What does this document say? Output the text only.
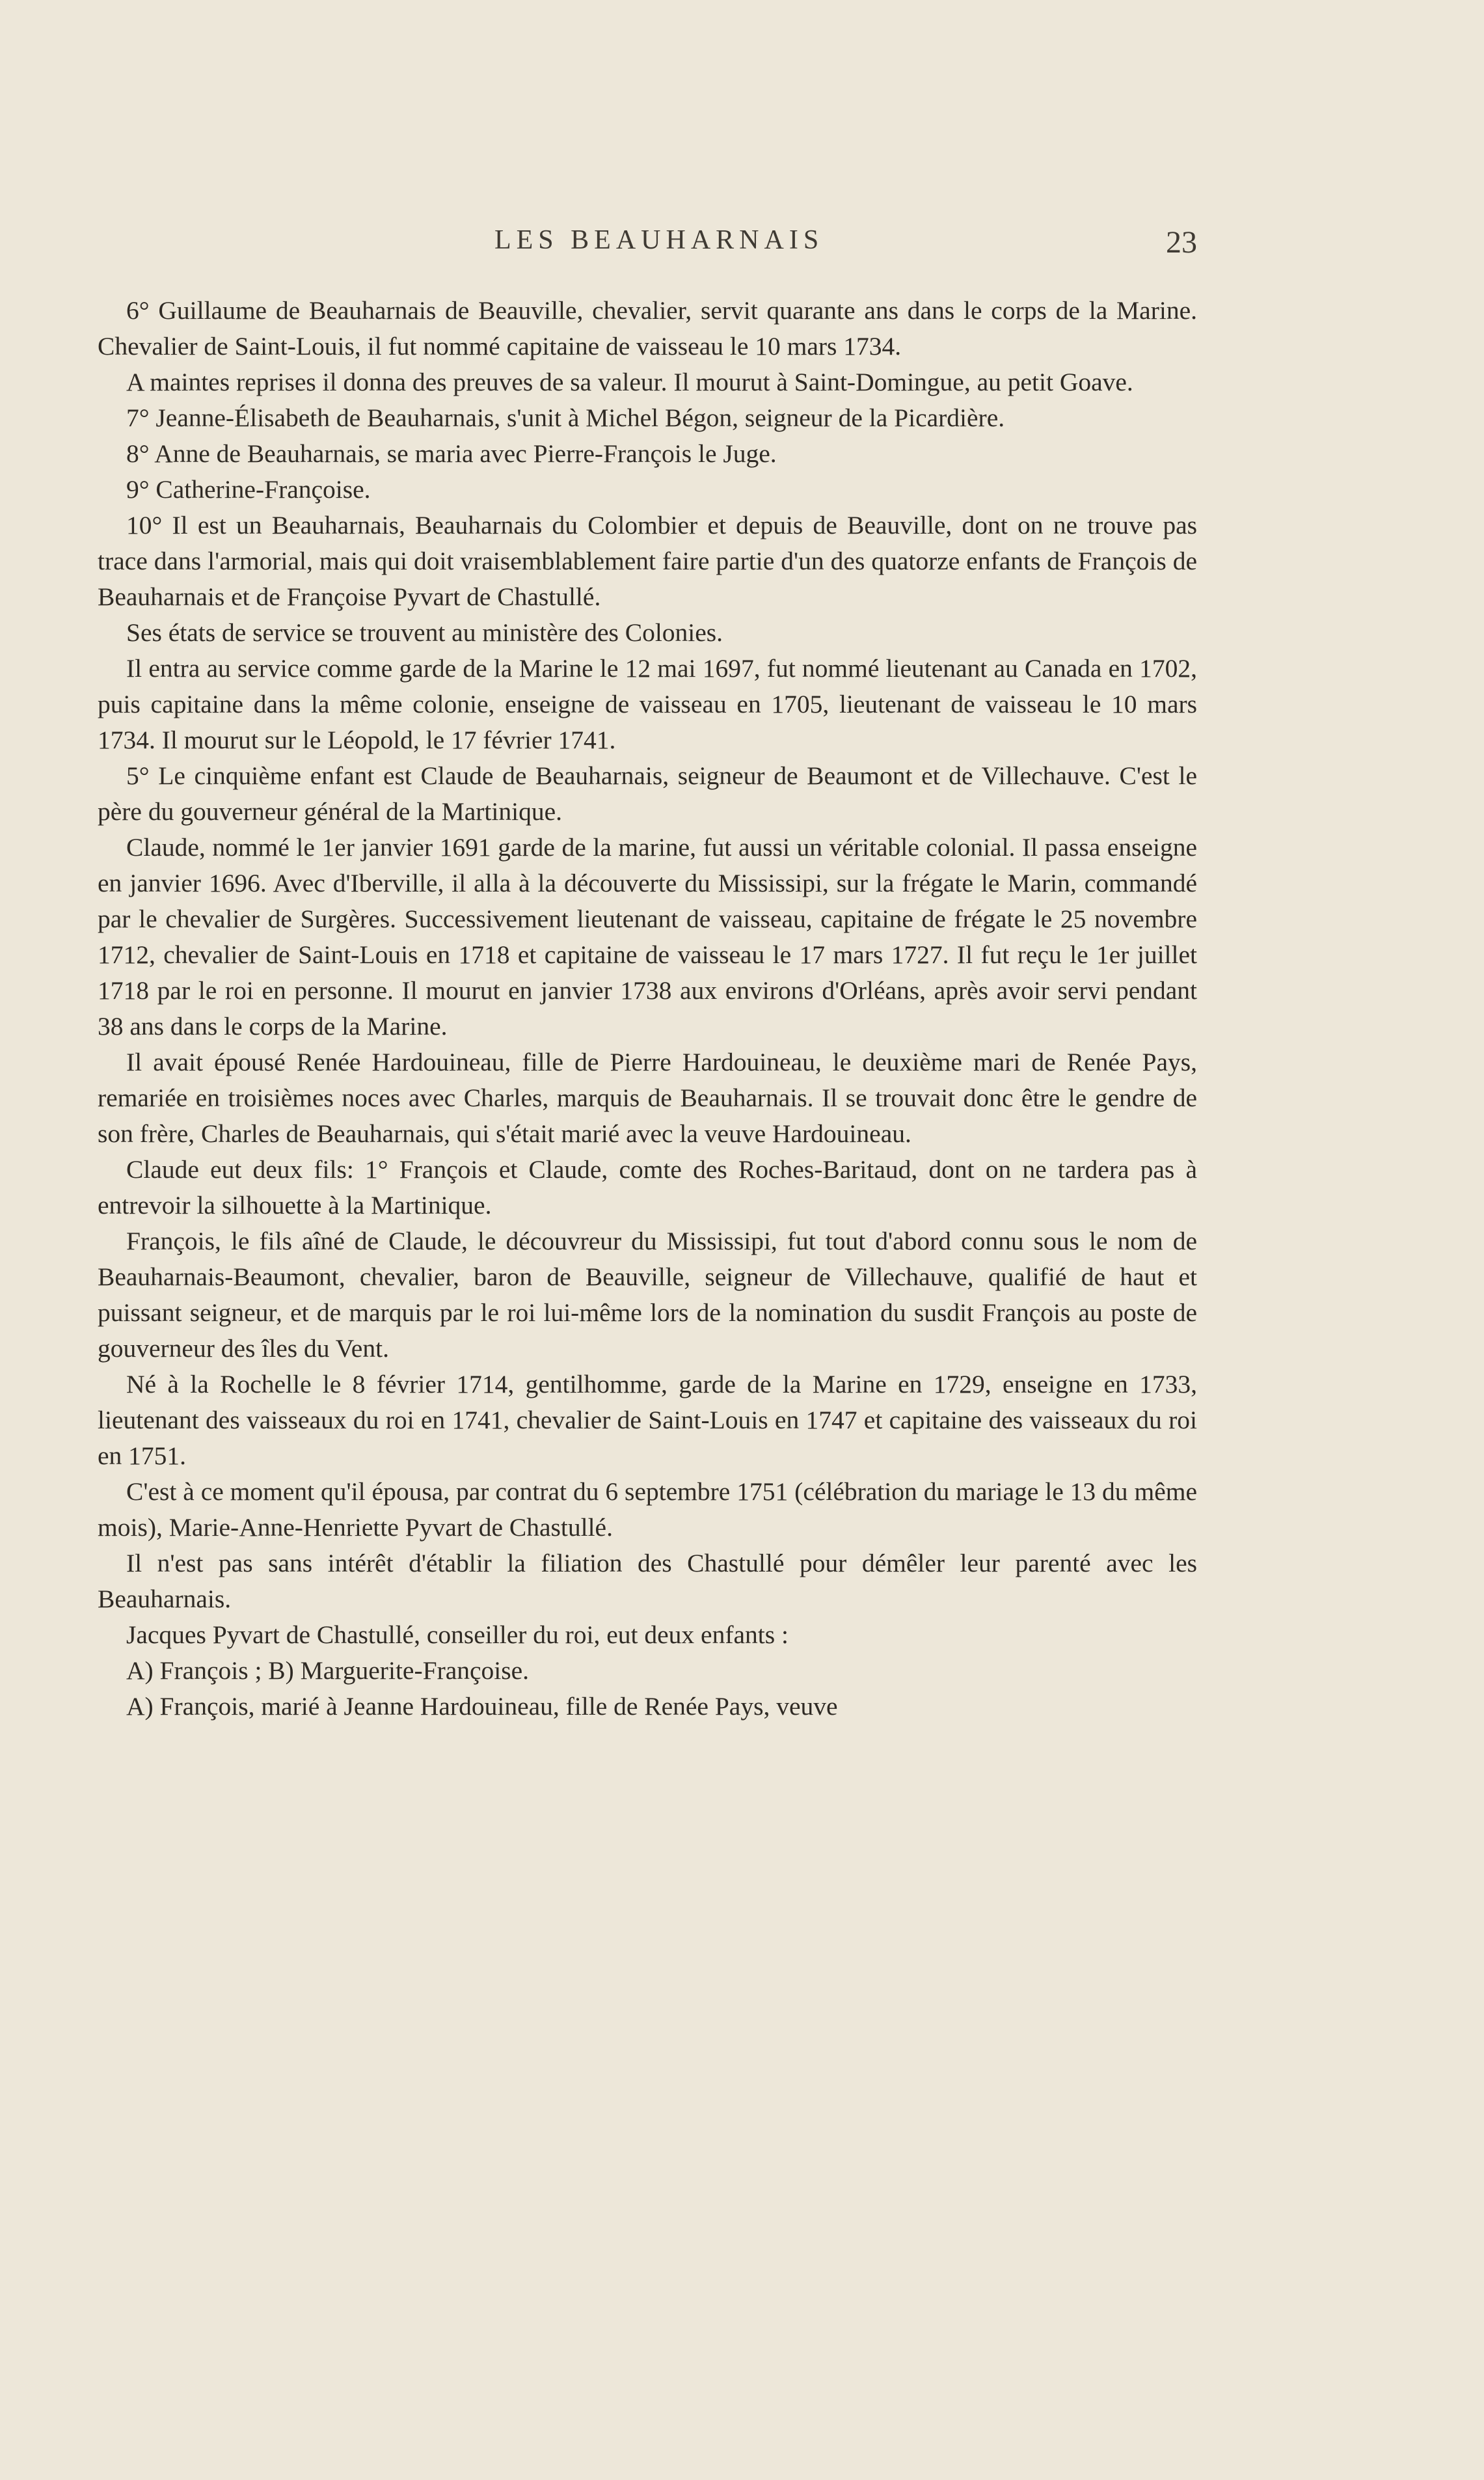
LES BEAUHARNAIS	23

6° Guillaume de Beauharnais de Beauville, chevalier, servit quarante ans dans le corps de la Marine. Chevalier de Saint-Louis, il fut nommé capitaine de vaisseau le 10 mars 1734.

A maintes reprises il donna des preuves de sa valeur. Il mourut à Saint-Domingue, au petit Goave.

7° Jeanne-Élisabeth de Beauharnais, s'unit à Michel Bégon, seigneur de la Picardière.

8° Anne de Beauharnais, se maria avec Pierre-François le Juge.

9° Catherine-Françoise.

10° Il est un Beauharnais, Beauharnais du Colombier et depuis de Beauville, dont on ne trouve pas trace dans l'armorial, mais qui doit vraisemblablement faire partie d'un des quatorze enfants de François de Beauharnais et de Françoise Pyvart de Chastullé.

Ses états de service se trouvent au ministère des Colonies.

Il entra au service comme garde de la Marine le 12 mai 1697, fut nommé lieutenant au Canada en 1702, puis capitaine dans la même colonie, enseigne de vaisseau en 1705, lieutenant de vaisseau le 10 mars 1734. Il mourut sur le Léopold, le 17 février 1741.

5° Le cinquième enfant est Claude de Beauharnais, seigneur de Beaumont et de Villechauve. C'est le père du gouverneur général de la Martinique.

Claude, nommé le 1er janvier 1691 garde de la marine, fut aussi un véritable colonial. Il passa enseigne en janvier 1696. Avec d'Iberville, il alla à la découverte du Mississipi, sur la frégate le Marin, commandé par le chevalier de Surgères. Successivement lieutenant de vaisseau, capitaine de frégate le 25 novembre 1712, chevalier de Saint-Louis en 1718 et capitaine de vaisseau le 17 mars 1727. Il fut reçu le 1er juillet 1718 par le roi en personne. Il mourut en janvier 1738 aux environs d'Orléans, après avoir servi pendant 38 ans dans le corps de la Marine.

Il avait épousé Renée Hardouineau, fille de Pierre Hardouineau, le deuxième mari de Renée Pays, remariée en troisièmes noces avec Charles, marquis de Beauharnais. Il se trouvait donc être le gendre de son frère, Charles de Beauharnais, qui s'était marié avec la veuve Hardouineau.

Claude eut deux fils: 1° François et Claude, comte des Roches-Baritaud, dont on ne tardera pas à entrevoir la silhouette à la Martinique.

François, le fils aîné de Claude, le découvreur du Mississipi, fut tout d'abord connu sous le nom de Beauharnais-Beaumont, chevalier, baron de Beauville, seigneur de Villechauve, qualifié de haut et puissant seigneur, et de marquis par le roi lui-même lors de la nomination du susdit François au poste de gouverneur des îles du Vent.

Né à la Rochelle le 8 février 1714, gentilhomme, garde de la Marine en 1729, enseigne en 1733, lieutenant des vaisseaux du roi en 1741, chevalier de Saint-Louis en 1747 et capitaine des vaisseaux du roi en 1751.

C'est à ce moment qu'il épousa, par contrat du 6 septembre 1751 (célébration du mariage le 13 du même mois), Marie-Anne-Henriette Pyvart de Chastullé.

Il n'est pas sans intérêt d'établir la filiation des Chastullé pour démêler leur parenté avec les Beauharnais.

Jacques Pyvart de Chastullé, conseiller du roi, eut deux enfants :

A) François ; B) Marguerite-Françoise.

A) François, marié à Jeanne Hardouineau, fille de Renée Pays, veuve
